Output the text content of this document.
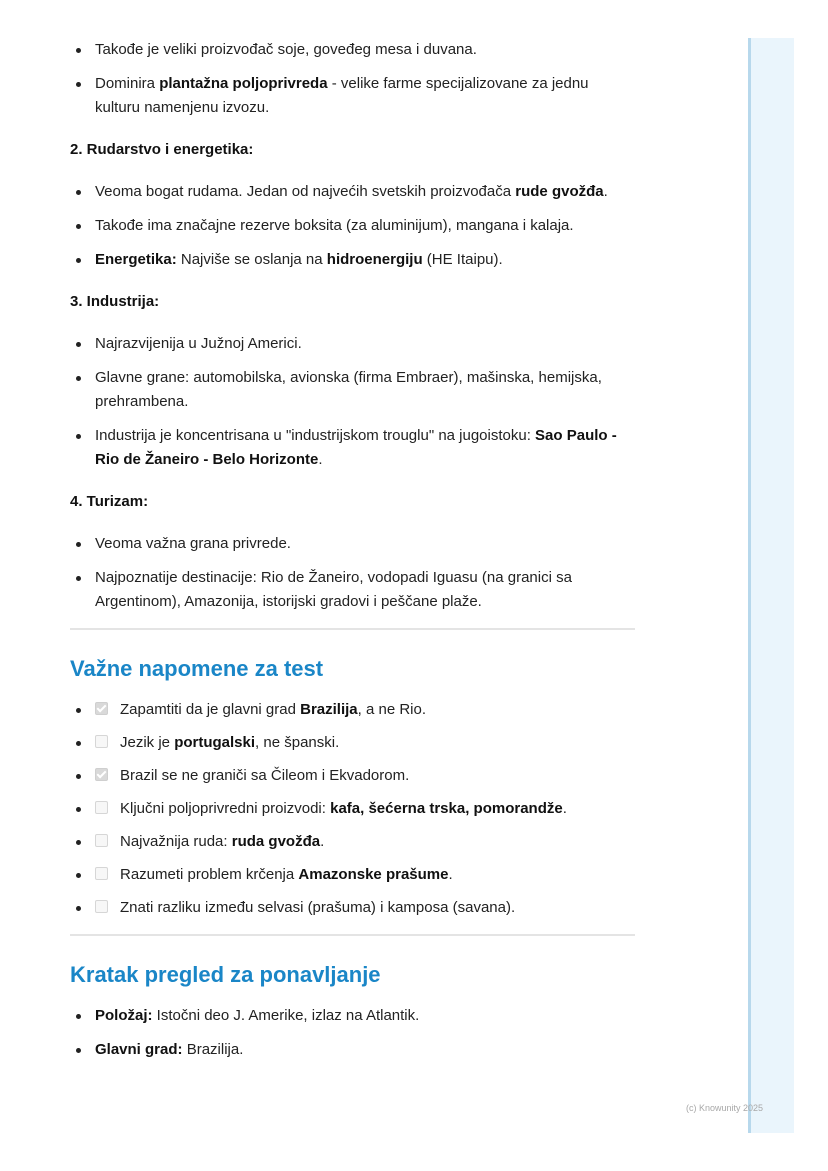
Takođe je veliki proizvođač soje, goveđeg mesa i duvana.
Dominira plantažna poljoprivreda - velike farme specijalizovane za jednu kulturu namenjenu izvozu.
2. Rudarstvo i energetika:
Veoma bogat rudama. Jedan od najvećih svetskih proizvođača rude gvožđa.
Takođe ima značajne rezerve boksita (za aluminijum), mangana i kalaja.
Energetika: Najviše se oslanja na hidroenergiju (HE Itaipu).
3. Industrija:
Najrazvijenija u Južnoj Americi.
Glavne grane: automobilska, avionska (firma Embraer), mašinska, hemijska, prehrambena.
Industrija je koncentrisana u "industrijskom trouglu" na jugoistoku: Sao Paulo - Rio de Žaneiro - Belo Horizonte.
4. Turizam:
Veoma važna grana privrede.
Najpoznatije destinacije: Rio de Žaneiro, vodopadi Iguasu (na granici sa Argentinom), Amazonija, istorijski gradovi i peščane plaže.
Važne napomene za test
Zapamtiti da je glavni grad Brazilija, a ne Rio.
Jezik je portugalski, ne španski.
Brazil se ne graniči sa Čileom i Ekvadorom.
Ključni poljoprivredni proizvodi: kafa, šećerna trska, pomorandže.
Najvažnija ruda: ruda gvožđa.
Razumeti problem krčenja Amazonske prašume.
Znati razliku između selvasi (prašuma) i kamposa (savana).
Kratak pregled za ponavljanje
Položaj: Istočni deo J. Amerike, izlaz na Atlantik.
Glavni grad: Brazilija.
(c) Knowunity 2025
